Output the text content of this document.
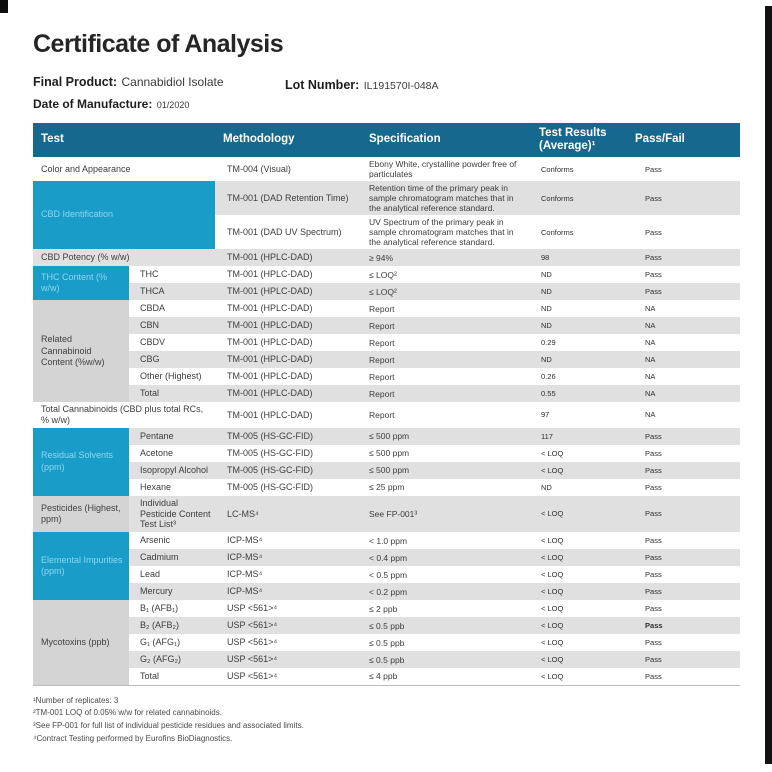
Certificate of Analysis
Final Product: Cannabidiol Isolate	Lot Number: IL191570I-048A
Date of Manufacture: 01/2020
Test		Methodology	Specification	Test Results (Average)¹	Pass/Fail
Color and Appearance		TM-004 (Visual)	Ebony White, crystalline powder free of particulates	Conforms	Pass
CBD Identification		TM-001 (DAD Retention Time)	Retention time of the primary peak in sample chromatogram matches that in the analytical reference standard.	Conforms	Pass
		TM-001 (DAD UV Spectrum)	UV Spectrum of the primary peak in sample chromatogram matches that in the analytical reference standard.	Conforms	Pass
CBD Potency (% w/w)		TM-001 (HPLC-DAD)	≥ 94%	98	Pass
THC Content (% w/w)	THC	TM-001 (HPLC-DAD)	≤ LOQ²	ND	Pass
	THCA	TM-001 (HPLC-DAD)	≤ LOQ²	ND	Pass
Related Cannabinoid Content (%w/w)	CBDA	TM-001 (HPLC-DAD)	Report	ND	NA
	CBN	TM-001 (HPLC-DAD)	Report	ND	NA
	CBDV	TM-001 (HPLC-DAD)	Report	0.29	NA
	CBG	TM-001 (HPLC-DAD)	Report	ND	NA
	Other (Highest)	TM-001 (HPLC-DAD)	Report	0.26	NA
	Total	TM-001 (HPLC-DAD)	Report	0.55	NA
Total Cannabinoids (CBD plus total RCs, % w/w)		TM-001 (HPLC-DAD)	Report	97	NA
Residual Solvents (ppm)	Pentane	TM-005 (HS-GC-FID)	≤ 500 ppm	117	Pass
	Acetone	TM-005 (HS-GC-FID)	≤ 500 ppm	< LOQ	Pass
	Isopropyl Alcohol	TM-005 (HS-GC-FID)	≤ 500 ppm	< LOQ	Pass
	Hexane	TM-005 (HS-GC-FID)	≤ 25 ppm	ND	Pass
Pesticides (Highest, ppm)	Individual Pesticide Content Test List³	LC-MS⁴	See FP-001³	< LOQ	Pass
Elemental Impurities (ppm)	Arsenic	ICP-MS⁴	< 1.0 ppm	< LOQ	Pass
	Cadmium	ICP-MS⁴	< 0.4 ppm	< LOQ	Pass
	Lead	ICP-MS⁴	< 0.5 ppm	< LOQ	Pass
	Mercury	ICP-MS⁴	< 0.2 ppm	< LOQ	Pass
Mycotoxins (ppb)	B₁ (AFB₁)	USP <561>⁴	≤ 2 ppb	< LOQ	Pass
	B₂ (AFB₂)	USP <561>⁴	≤ 0.5 ppb	< LOQ	Pass
	G₁ (AFG₁)	USP <561>⁴	≤ 0.5 ppb	< LOQ	Pass
	G₂ (AFG₂)	USP <561>⁴	≤ 0.5 ppb	< LOQ	Pass
	Total	USP <561>⁴	≤ 4 ppb	< LOQ	Pass
¹Number of replicates: 3
²TM-001 LOQ of 0.05% w/w for related cannabinoids.
³See FP-001 for full list of individual pesticide residues and associated limits.
⁴Contract Testing performed by Eurofins BioDiagnostics.
